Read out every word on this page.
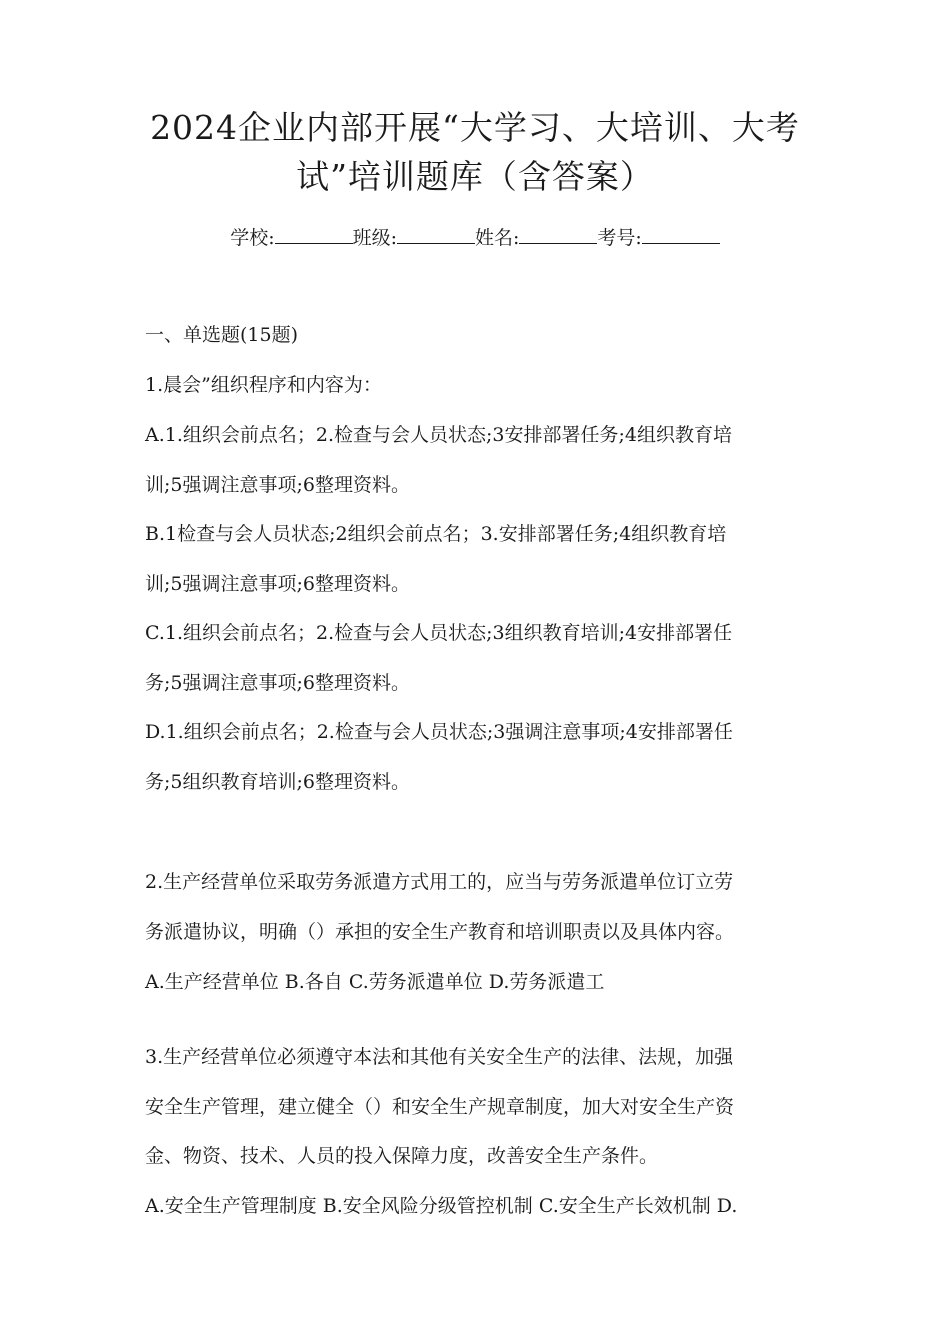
2024企业内部开展“大学习、大培训、大考
试”培训题库（含答案）
学校:	班级:	姓名:	考号:
一、单选题(15题)
1.晨会”组织程序和内容为：
A.1.组织会前点名；2.检查与会人员状态;3安排部署任务;4组织教育培
训;5强调注意事项;6整理资料。
B.1检查与会人员状态;2组织会前点名；3.安排部署任务;4组织教育培
训;5强调注意事项;6整理资料。
C.1.组织会前点名；2.检查与会人员状态;3组织教育培训;4安排部署任
务;5强调注意事项;6整理资料。
D.1.组织会前点名；2.检查与会人员状态;3强调注意事项;4安排部署任
务;5组织教育培训;6整理资料。
2.生产经营单位采取劳务派遣方式用工的，应当与劳务派遣单位订立劳
务派遣协议，明确（）承担的安全生产教育和培训职责以及具体内容。
A.生产经营单位 B.各自 C.劳务派遣单位 D.劳务派遣工
3.生产经营单位必须遵守本法和其他有关安全生产的法律、法规，加强
安全生产管理，建立健全（）和安全生产规章制度，加大对安全生产资
金、物资、技术、人员的投入保障力度，改善安全生产条件。
A.安全生产管理制度 B.安全风险分级管控机制 C.安全生产长效机制 D.
